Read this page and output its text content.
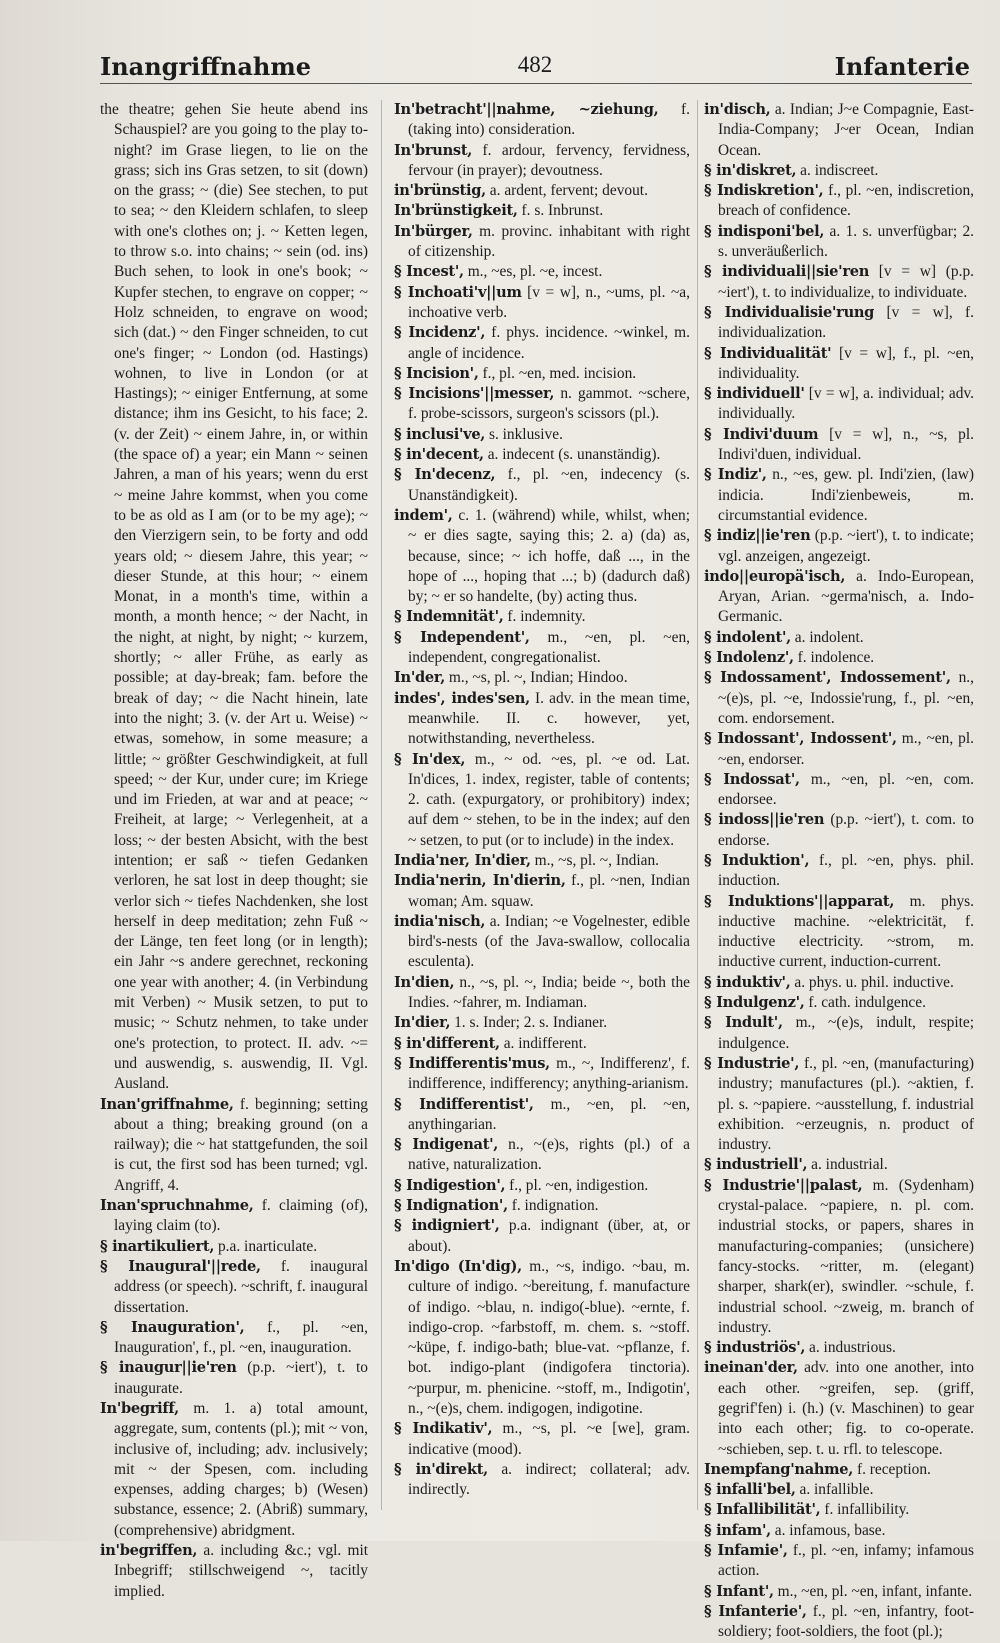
Inangriffnahme	482	Infanterie

the theatre; gehen Sie heute abend ins Schauspiel? are you going to the play to-night? im Grase liegen, to lie on the grass; sich ins Gras setzen, to sit (down) on the grass; ~ (die) See stechen, to put to sea; ~ den Kleidern schlafen, to sleep with one's clothes on; j. ~ Ketten legen, to throw s.o. into chains; ~ sein (od. ins) Buch sehen, to look in one's book; ~ Kupfer stechen, to engrave on copper; ~ Holz schneiden, to engrave on wood; sich (dat.) ~ den Finger schneiden, to cut one's finger; ~ London (od. Hastings) wohnen, to live in London (or at Hastings); ~ einiger Entfernung, at some distance; ihm ins Gesicht, to his face; 2. (v. der Zeit) ~ einem Jahre, in, or within (the space of) a year; ein Mann ~ seinen Jahren, a man of his years; wenn du erst ~ meine Jahre kommst, when you come to be as old as I am (or to be my age); ~ den Vierzigern sein, to be forty and odd years old; ~ diesem Jahre, this year; ~ dieser Stunde, at this hour; ~ einem Monat, in a month's time, within a month, a month hence; ~ der Nacht, in the night, at night, by night; ~ kurzem, shortly; ~ aller Frühe, as early as possible; at day-break; fam. before the break of day; ~ die Nacht hinein, late into the night; 3. (v. der Art u. Weise) ~ etwas, somehow, in some measure; a little; ~ größter Geschwindigkeit, at full speed; ~ der Kur, under cure; im Kriege und im Frieden, at war and at peace; ~ Freiheit, at large; ~ Verlegenheit, at a loss; ~ der besten Absicht, with the best intention; er saß ~ tiefen Gedanken verloren, he sat lost in deep thought; sie verlor sich ~ tiefes Nachdenken, she lost herself in deep meditation; zehn Fuß ~ der Länge, ten feet long (or in length); ein Jahr ~s andere gerechnet, reckoning one year with another; 4. (in Verbindung mit Verben) ~ Musik setzen, to put to music; ~ Schutz nehmen, to take under one's protection, to protect. II. adv. ~= und auswendig, s. auswendig, II. Vgl. Ausland.

Inan'griffnahme, f. beginning; setting about a thing; breaking ground (on a railway); die ~ hat stattgefunden, the soil is cut, the first sod has been turned; vgl. Angriff, 4.

Inan'spruchnahme, f. claiming (of), laying claim (to).

§ inartikuliert, p.a. inarticulate.

§ Inaugural'||rede, f. inaugural address (or speech). ~schrift, f. inaugural dissertation.

§ Inauguration', f., pl. ~en, Inauguration', f., pl. ~en, inauguration.

§ inaugur||ie'ren (p.p. ~iert'), t. to inaugurate.

In'begriff, m. 1. a) total amount, aggregate, sum, contents (pl.); mit ~ von, inclusive of, including; adv. inclusively; mit ~ der Spesen, com. including expenses, adding charges; b) (Wesen) substance, essence; 2. (Abriß) summary, (comprehensive) abridgment.

in'begriffen, a. including &c.; vgl. mit Inbegriff; stillschweigend ~, tacitly implied.

In'betracht'||nahme, ~ziehung, f. (taking into) consideration.

In'brunst, f. ardour, fervency, fervidness, fervour (in prayer); devoutness.

in'brünstig, a. ardent, fervent; devout.

In'brünstigkeit, f. s. Inbrunst.

In'bürger, m. provinc. inhabitant with right of citizenship.

§ Incest', m., ~es, pl. ~e, incest.

§ Inchoati'v||um [v = w], n., ~ums, pl. ~a, inchoative verb.

§ Incidenz', f. phys. incidence. ~winkel, m. angle of incidence.

§ Incision', f., pl. ~en, med. incision.

§ Incisions'||messer, n. gammot. ~schere, f. probe-scissors, surgeon's scissors (pl.).

§ inclusi've, s. inklusive.

§ in'decent, a. indecent (s. unanständig).

§ In'decenz, f., pl. ~en, indecency (s. Unanständigkeit).

indem', c. 1. (während) while, whilst, when; ~ er dies sagte, saying this; 2. a) (da) as, because, since; ~ ich hoffe, daß ..., in the hope of ..., hoping that ...; b) (dadurch daß) by; ~ er so handelte, (by) acting thus.

§ Indemnität', f. indemnity.

§ Independent', m., ~en, pl. ~en, independent, congregationalist.

In'der, m., ~s, pl. ~, Indian; Hindoo.

indes', indes'sen, I. adv. in the mean time, meanwhile. II. c. however, yet, notwithstanding, nevertheless.

§ In'dex, m., ~ od. ~es, pl. ~e od. Lat. In'dices, 1. index, register, table of contents; 2. cath. (expurgatory, or prohibitory) index; auf dem ~ stehen, to be in the index; auf den ~ setzen, to put (or to include) in the index.

India'ner, In'dier, m., ~s, pl. ~, Indian.

India'nerin, In'dierin, f., pl. ~nen, Indian woman; Am. squaw.

india'nisch, a. Indian; ~e Vogelnester, edible bird's-nests (of the Java-swallow, collocalia esculenta).

In'dien, n., ~s, pl. ~, India; beide ~, both the Indies. ~fahrer, m. Indiaman.

In'dier, 1. s. Inder; 2. s. Indianer.

§ in'different, a. indifferent.

§ Indifferentis'mus, m., ~, Indifferenz', f. indifference, indifferency; anything-arianism.

§ Indifferentist', m., ~en, pl. ~en, anythingarian.

§ Indigenat', n., ~(e)s, rights (pl.) of a native, naturalization.

§ Indigestion', f., pl. ~en, indigestion.

§ Indignation', f. indignation.

§ indigniert', p.a. indignant (über, at, or about).

In'digo (In'dig), m., ~s, indigo. ~bau, m. culture of indigo. ~bereitung, f. manufacture of indigo. ~blau, n. indigo(-blue). ~ernte, f. indigo-crop. ~farbstoff, m. chem. s. ~stoff. ~küpe, f. indigo-bath; blue-vat. ~pflanze, f. bot. indigo-plant (indigofera tinctoria). ~purpur, m. phenicine. ~stoff, m., Indigotin', n., ~(e)s, chem. indigogen, indigotine.

§ Indikativ', m., ~s, pl. ~e [we], gram. indicative (mood).

§ in'direkt, a. indirect; collateral; adv. indirectly.

in'disch, a. Indian; J~e Compagnie, East-India-Company; J~er Ocean, Indian Ocean.

§ in'diskret, a. indiscreet.

§ Indiskretion', f., pl. ~en, indiscretion, breach of confidence.

§ indisponi'bel, a. 1. s. unverfügbar; 2. s. unveräußerlich.

§ individuali||sie'ren [v = w] (p.p. ~iert'), t. to individualize, to individuate.

§ Individualisie'rung [v = w], f. individualization.

§ Individualität' [v = w], f., pl. ~en, individuality.

§ individuell' [v = w], a. individual; adv. individually.

§ Indivi'duum [v = w], n., ~s, pl. Indivi'duen, individual.

§ Indiz', n., ~es, gew. pl. Indi'zien, (law) indicia. Indi'zienbeweis, m. circumstantial evidence.

§ indiz||ie'ren (p.p. ~iert'), t. to indicate; vgl. anzeigen, angezeigt.

indo||europä'isch, a. Indo-European, Aryan, Arian. ~germa'nisch, a. Indo-Germanic.

§ indolent', a. indolent.

§ Indolenz', f. indolence.

§ Indossament', Indossement', n., ~(e)s, pl. ~e, Indossie'rung, f., pl. ~en, com. endorsement.

§ Indossant', Indossent', m., ~en, pl. ~en, endorser.

§ Indossat', m., ~en, pl. ~en, com. endorsee.

§ indoss||ie'ren (p.p. ~iert'), t. com. to endorse.

§ Induktion', f., pl. ~en, phys. phil. induction.

§ Induktions'||apparat, m. phys. inductive machine. ~elektricität, f. inductive electricity. ~strom, m. inductive current, induction-current.

§ induktiv', a. phys. u. phil. inductive.

§ Indulgenz', f. cath. indulgence.

§ Indult', m., ~(e)s, indult, respite; indulgence.

§ Industrie', f., pl. ~en, (manufacturing) industry; manufactures (pl.). ~aktien, f. pl. s. ~papiere. ~ausstellung, f. industrial exhibition. ~erzeugnis, n. product of industry.

§ industriell', a. industrial.

§ Industrie'||palast, m. (Sydenham) crystal-palace. ~papiere, n. pl. com. industrial stocks, or papers, shares in manufacturing-companies; (unsichere) fancy-stocks. ~ritter, m. (elegant) sharper, shark(er), swindler. ~schule, f. industrial school. ~zweig, m. branch of industry.

§ industriös', a. industrious.

ineinan'der, adv. into one another, into each other. ~greifen, sep. (griff, gegrif'fen) i. (h.) (v. Maschinen) to gear into each other; fig. to co-operate. ~schieben, sep. t. u. rfl. to telescope.

Inempfang'nahme, f. reception.

§ infalli'bel, a. infallible.

§ Infallibilität', f. infallibility.

§ infam', a. infamous, base.

§ Infamie', f., pl. ~en, infamy; infamous action.

§ Infant', m., ~en, pl. ~en, infant, infante.

§ Infanterie', f., pl. ~en, infantry, foot-soldiery; foot-soldiers, the foot (pl.);
